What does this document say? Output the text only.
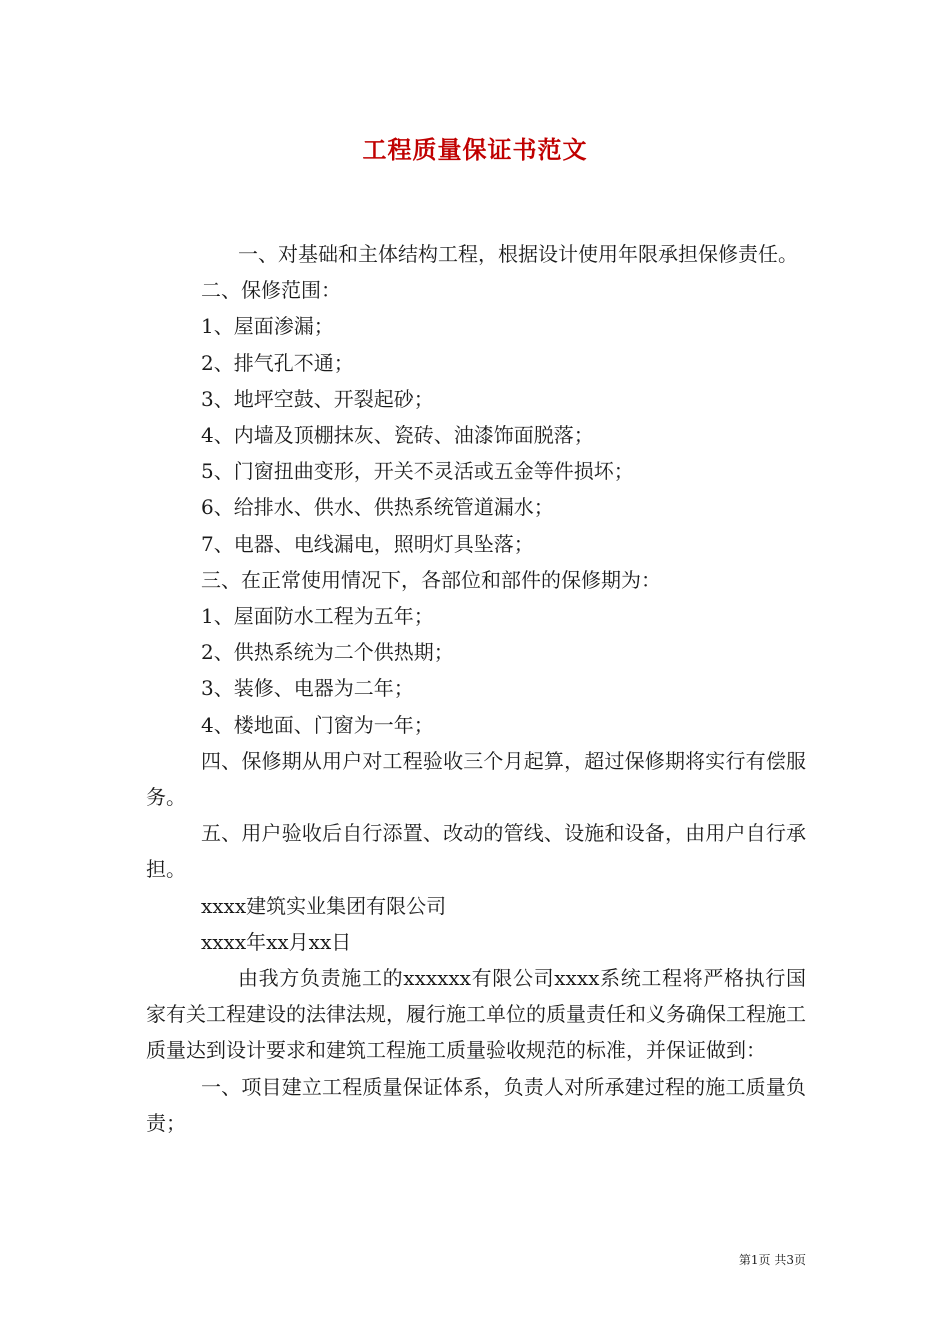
工程质量保证书范文

一、对基础和主体结构工程，根据设计使用年限承担保修责任。

二、保修范围：

1、屋面渗漏；

2、排气孔不通；

3、地坪空鼓、开裂起砂；

4、内墙及顶棚抹灰、瓷砖、油漆饰面脱落；

5、门窗扭曲变形，开关不灵活或五金等件损坏；

6、给排水、供水、供热系统管道漏水；

7、电器、电线漏电，照明灯具坠落；

三、在正常使用情况下，各部位和部件的保修期为：

1、屋面防水工程为五年；

2、供热系统为二个供热期；

3、装修、电器为二年；

4、楼地面、门窗为一年；

四、保修期从用户对工程验收三个月起算，超过保修期将实行有偿服务。

五、用户验收后自行添置、改动的管线、设施和设备，由用户自行承担。

xxxx建筑实业集团有限公司

xxxx年xx月xx日

由我方负责施工的xxxxxx有限公司xxxx系统工程将严格执行国家有关工程建设的法律法规，履行施工单位的质量责任和义务确保工程施工质量达到设计要求和建筑工程施工质量验收规范的标准，并保证做到：

一、项目建立工程质量保证体系，负责人对所承建过程的施工质量负责；

第1页 共3页
